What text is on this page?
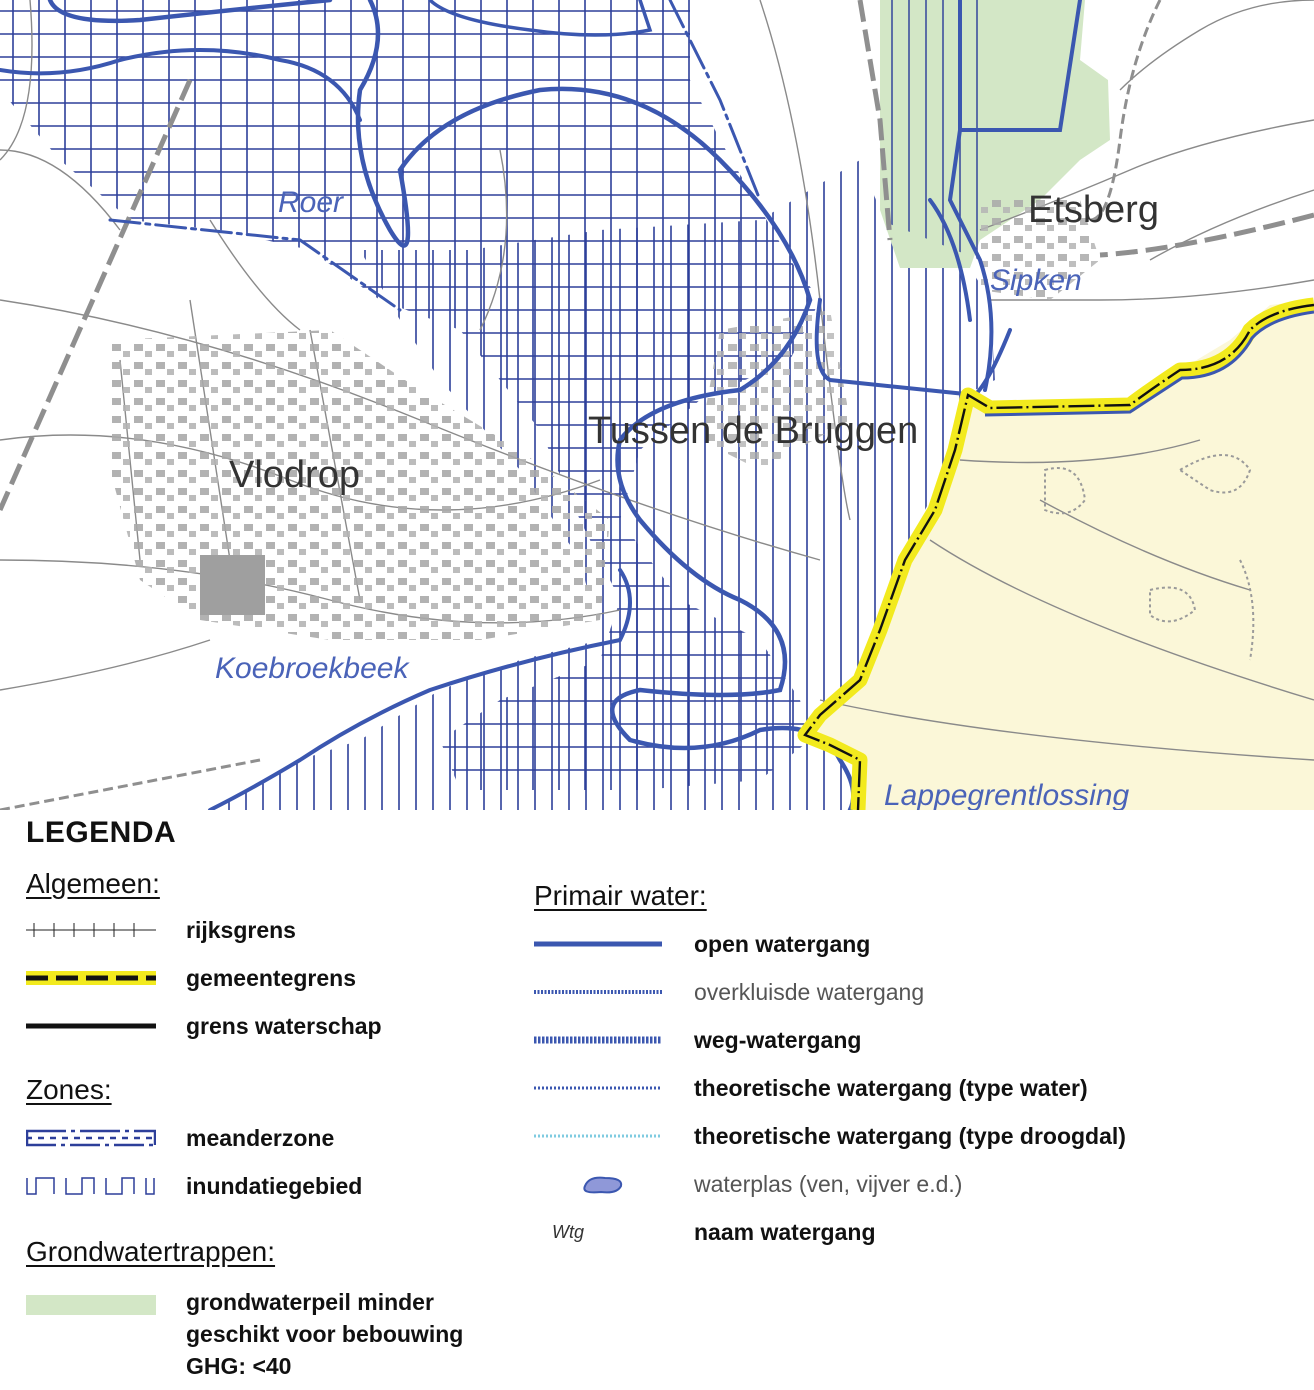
Vlodrop
Tussen de Bruggen
Etsberg
Roer
Sipken
Koebroekbeek
Lappegrentlossing
LEGENDA
Algemeen:
rijksgrens
gemeentegrens
grens waterschap
Zones:
meanderzone
inundatiegebied
Grondwatertrappen:
grondwaterpeil minder
geschikt voor bebouwing
GHG: <40
Primair water:
open watergang
overkluisde watergang
weg-watergang
theoretische watergang (type water)
theoretische watergang (type droogdal)
waterplas (ven, vijver e.d.)
Wtg	naam watergang
